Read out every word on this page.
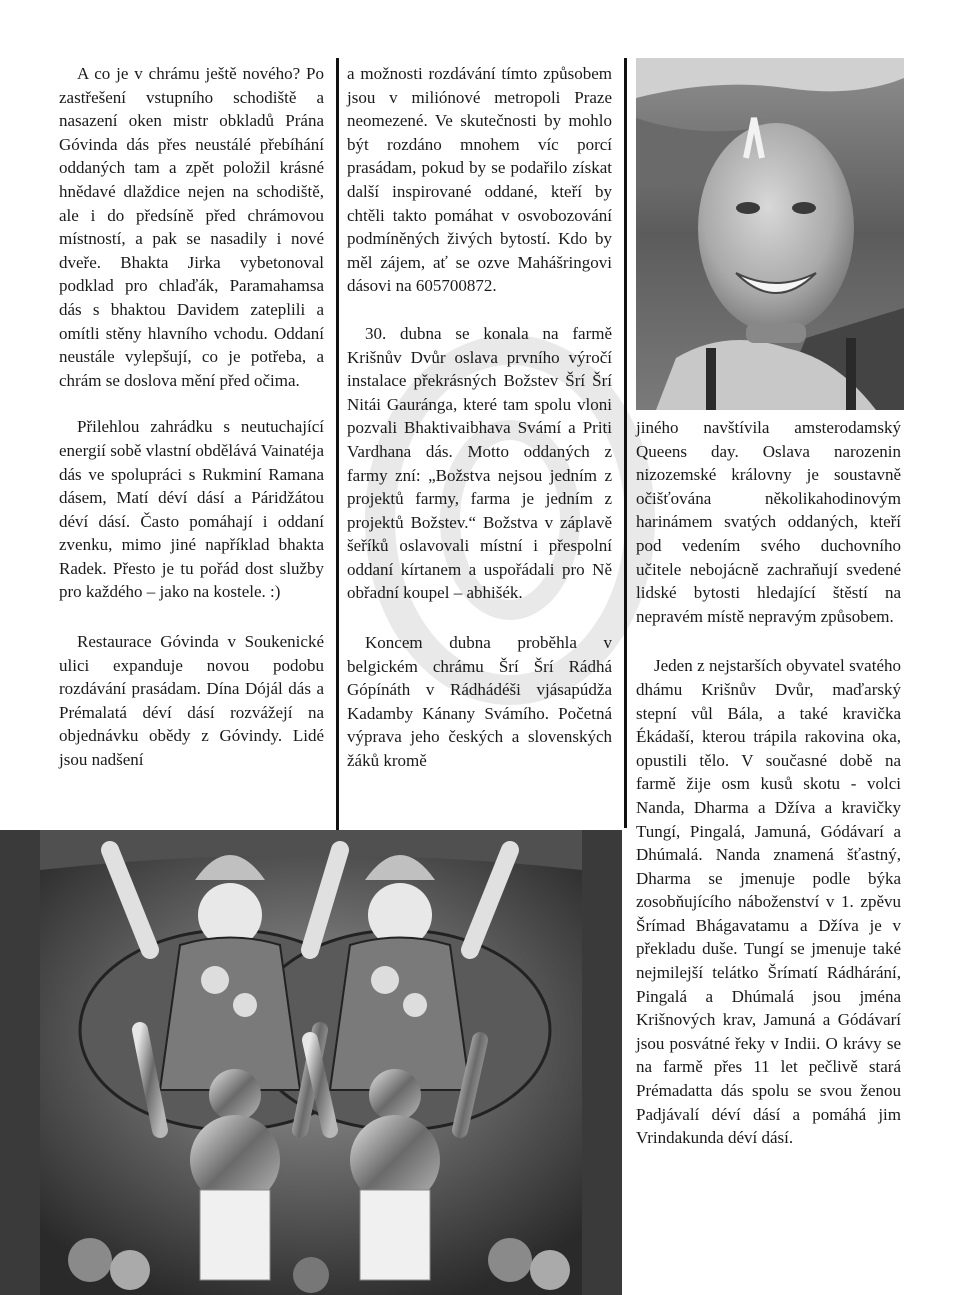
A co je v chrámu ještě nového? Po zastřešení vstupního schodiště a nasazení oken mistr obkladů Prána Góvinda dás přes neustálé přebíhání oddaných tam a zpět položil krásné hnědavé dlaždice nejen na schodiště, ale i do předsíně před chrámovou místností, a pak se nasadily i nové dveře. Bhakta Jirka vybetonoval podklad pro chlaďák, Paramahamsa dás s bhaktou Davidem zateplili a omítli stěny hlavního vchodu. Oddaní neustále vylepšují, co je potřeba, a chrám se doslova mění před očima.

Přilehlou zahrádku s neutuchající energií sobě vlastní obdělává Vainatéja dás ve spolupráci s Rukminí Ramana dásem, Matí déví dásí a Páridžátou déví dásí. Často pomáhají i oddaní zvenku, mimo jiné například bhakta Radek. Přesto je tu pořád dost služby pro každého – jako na kostele. :)

Restaurace Góvinda v Soukenické ulici expanduje novou podobu rozdávání prasádam. Dína Dójál dás a Prémalatá déví dásí rozvážejí na objednávku obědy z Góvindy. Lidé jsou nadšení

a možnosti rozdávání tímto způsobem jsou v miliónové metropoli Praze neomezené. Ve skutečnosti by mohlo být rozdáno mnohem víc porcí prasádam, pokud by se podařilo získat další inspirované oddané, kteří by chtěli takto pomáhat v osvobozování podmíněných živých bytostí. Kdo by měl zájem, ať se ozve Mahášringovi dásovi na 605700872.

30. dubna se konala na farmě Krišnův Dvůr oslava prvního výročí instalace překrásných Božstev Šrí Šrí Nitái Gauránga, které tam spolu vloni pozvali Bhaktivaibhava Svámí a Priti Vardhana dás. Motto oddaných z farmy zní: „Božstva nejsou jedním z projektů farmy, farma je jedním z projektů Božstev.“ Božstva v záplavě šeříků oslavovali místní i přespolní oddaní kírtanem a uspořádali pro Ně obřadní koupel – abhišék.

Koncem dubna proběhla v belgickém chrámu Šrí Šrí Rádhá Gópínáth v Rádhádéši vjásapúdža Kadamby Kánany Svámího. Početná výprava jeho českých a slovenských žáků kromě

jiného navštívila amsterodamský Queens day. Oslava narozenin nizozemské královny je soustavně očišťována několikahodinovým harinámem svatých oddaných, kteří pod vedením svého duchovního učitele nebojácně zachraňují svedené lidské bytosti hledající štěstí na nepravém místě nepravým způsobem.

Jeden z nejstarších obyvatel svatého dhámu Krišnův Dvůr, maďarský stepní vůl Bála, a také kravička Ékádaší, kterou trápila rakovina oka, opustili tělo. V současné době na farmě žije osm kusů skotu - volci Nanda, Dharma a Džíva a kravičky Tungí, Pingalá, Jamuná, Gódávarí a Dhúmalá. Nanda znamená šťastný, Dharma se jmenuje podle býka zosobňujícího náboženství v 1. zpěvu Šrímad Bhágavatamu a Džíva je v překladu duše. Tungí se jmenuje také nejmilejší telátko Šrímatí Rádhárání, Pingalá a Dhúmalá jsou jména Krišnových krav, Jamuná a Gódávarí jsou posvátné řeky v Indii. O krávy se na farmě přes 11 let pečlivě stará Prémadatta dás spolu se svou ženou Padjávalí déví dásí a pomáhá jim Vrindakunda déví dásí.
